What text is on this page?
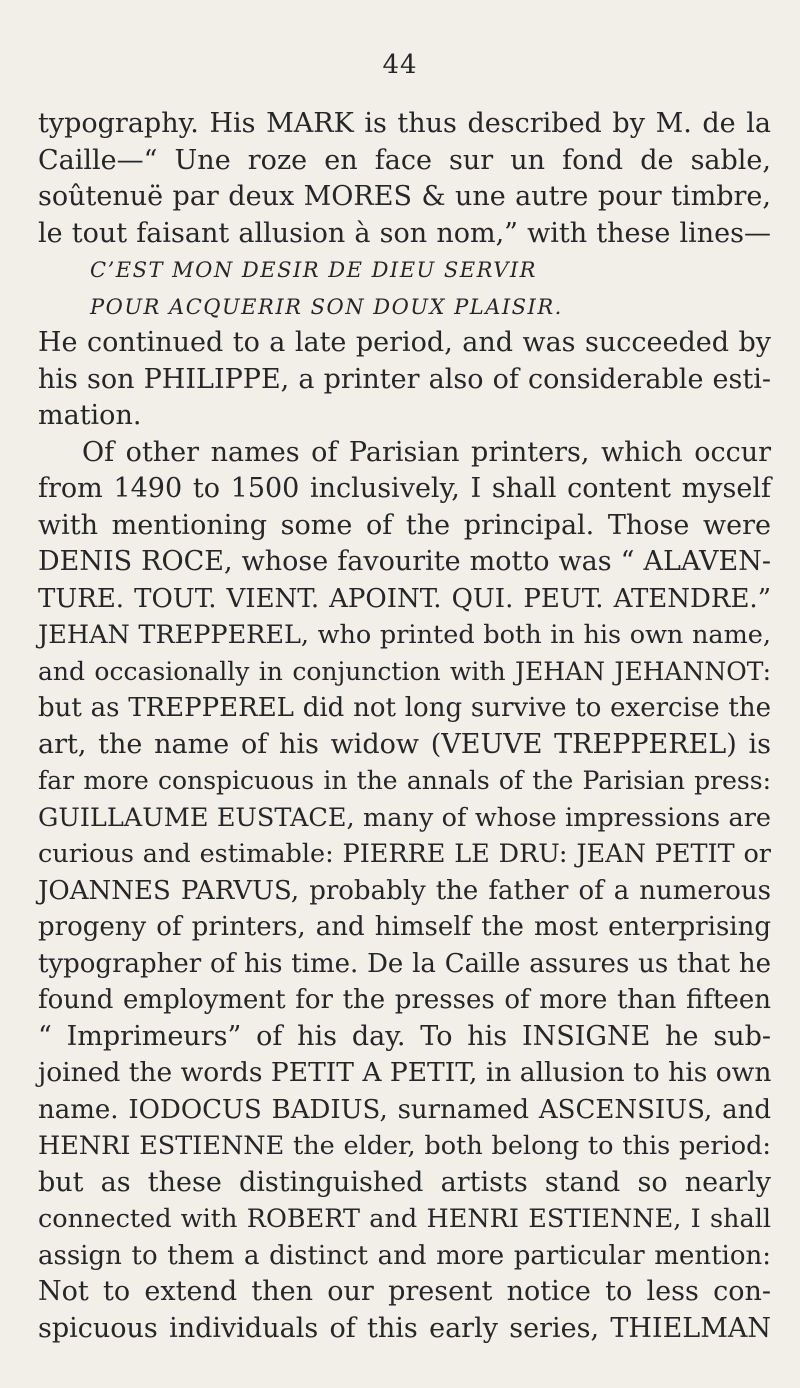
44
typography. His MARK is thus described by M. de la
Caille—“ Une roze en face sur un fond de sable,
soûtenuë par deux MORES & une autre pour timbre,
le tout faisant allusion à son nom,” with these lines—
C’EST MON DESIR DE DIEU SERVIR
POUR ACQUERIR SON DOUX PLAISIR.
He continued to a late period, and was succeeded by
his son PHILIPPE, a printer also of considerable esti-
mation.
Of other names of Parisian printers, which occur
from 1490 to 1500 inclusively, I shall content myself
with mentioning some of the principal. Those were
DENIS ROCE, whose favourite motto was “ ALAVEN-
TURE. TOUT. VIENT. APOINT. QUI. PEUT. ATENDRE.”
JEHAN TREPPEREL, who printed both in his own name,
and occasionally in conjunction with JEHAN JEHANNOT:
but as TREPPEREL did not long survive to exercise the
art, the name of his widow (VEUVE TREPPEREL) is
far more conspicuous in the annals of the Parisian press:
GUILLAUME EUSTACE, many of whose impressions are
curious and estimable: PIERRE LE DRU: JEAN PETIT or
JOANNES PARVUS, probably the father of a numerous
progeny of printers, and himself the most enterprising
typographer of his time. De la Caille assures us that he
found employment for the presses of more than fifteen
“ Imprimeurs” of his day. To his INSIGNE he sub-
joined the words PETIT A PETIT, in allusion to his own
name. IODOCUS BADIUS, surnamed ASCENSIUS, and
HENRI ESTIENNE the elder, both belong to this period:
but as these distinguished artists stand so nearly
connected with ROBERT and HENRI ESTIENNE, I shall
assign to them a distinct and more particular mention:
Not to extend then our present notice to less con-
spicuous individuals of this early series, THIELMAN
